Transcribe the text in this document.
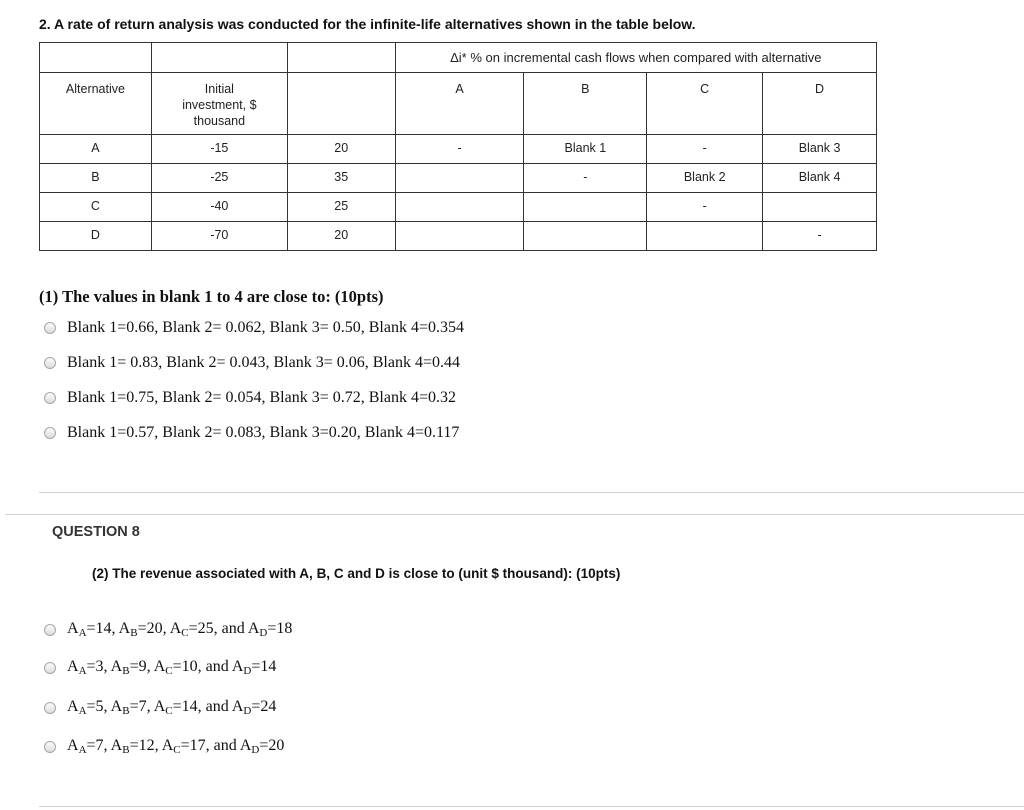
2. A rate of return analysis was conducted for the infinite-life alternatives shown in the table below.
			Δi* % on incremental cash flows when compared with alternative			
Alternative	Initial investment, $ thousand		A	B	C	D
A	-15	20	-	Blank 1	-	Blank 3
B	-25	35		-	Blank 2	Blank 4
C	-40	25			-	
D	-70	20				-
(1) The values in blank 1 to 4 are close to: (10pts)
Blank 1=0.66, Blank 2= 0.062, Blank 3= 0.50, Blank 4=0.354
Blank 1= 0.83, Blank 2= 0.043, Blank 3= 0.06, Blank 4=0.44
Blank 1=0.75, Blank 2= 0.054, Blank 3= 0.72, Blank 4=0.32
Blank 1=0.57, Blank 2= 0.083, Blank 3=0.20, Blank 4=0.117
QUESTION 8
(2) The revenue associated with A, B, C and D is close to (unit $ thousand): (10pts)
$A_A=14$, $A_B=20$, $A_C=25$, and $A_D=18$
$A_A=3$, $A_B=9$, $A_C=10$, and $A_D=14$
$A_A=5$, $A_B=7$, $A_C=14$, and $A_D=24$
$A_A=7$, $A_B=12$, $A_C=17$, and $A_D=20$
